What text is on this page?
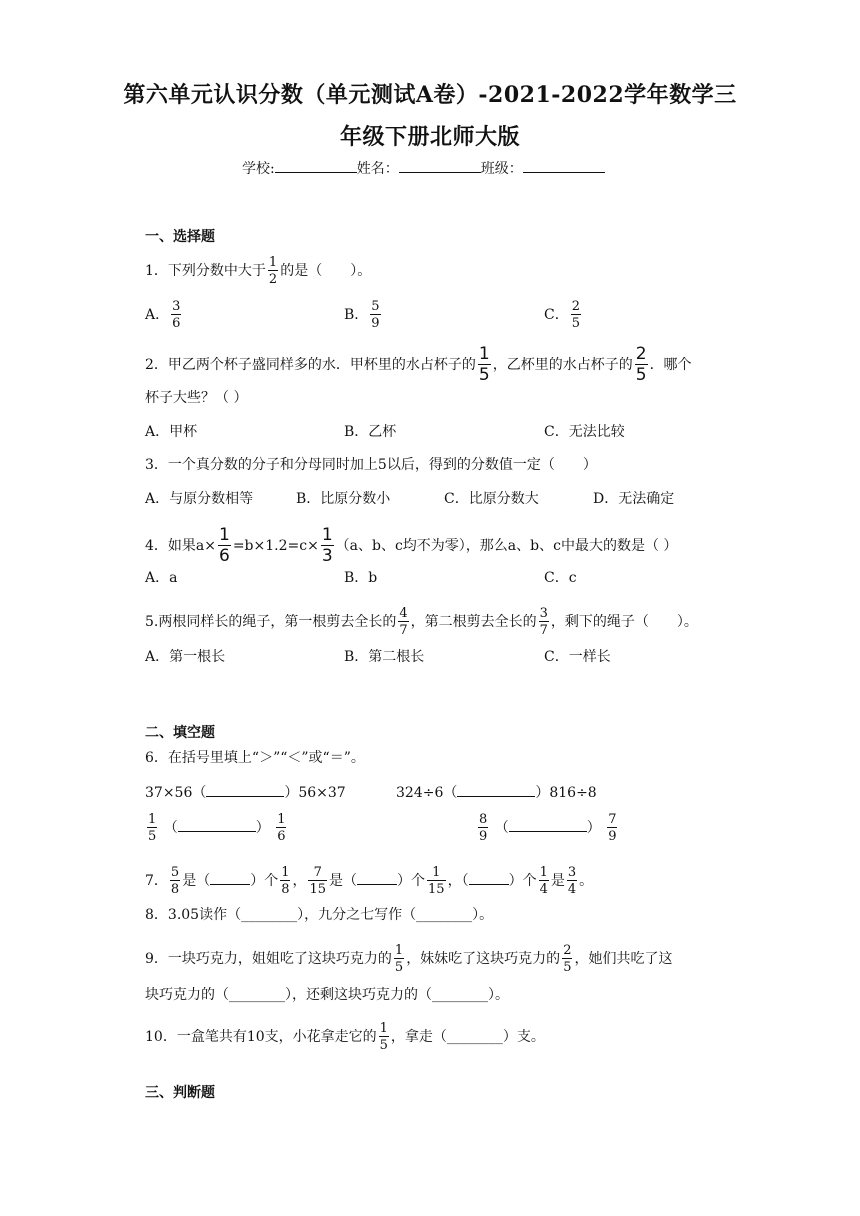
第六单元认识分数（单元测试A卷）-2021-2022学年数学三
年级下册北师大版
学校:	姓名：	班级：
一、选择题
1．下列分数中大于 $\frac{1}{2}$ 的是（　　）。
A． $\frac{3}{6}$	B． $\frac{5}{9}$	C． $\frac{2}{5}$
2．甲乙两个杯子盛同样多的水．甲杯里的水占杯子的 $\frac{1}{5}$ ，乙杯里的水占杯子的 $\frac{2}{5}$ ．哪个
杯子大些？（ ）
A．甲杯	B．乙杯	C．无法比较
3．一个真分数的分子和分母同时加上5以后，得到的分数值一定（　　）
A．与原分数相等	B．比原分数小	C．比原分数大	D．无法确定
4．如果$a\times \frac{1}{6} =b\times 1.2=c\times \frac{1}{3} (a$、b、c均不为零），那么a、b、c中最大的数是（ ）
A．a	B．b	C．c
5.两根同样长的绳子，第一根剪去全长的 $\frac{4}{7}$ ，第二根剪去全长的 $\frac{3}{7}$ ，剩下的绳子（　　）。
A．第一根长	B．第二根长	C．一样长
二、填空题
6．在括号里填上“＞”“＜”或“＝”。
37×56（	）56×37	324÷6（	）816÷8
$\frac{1}{5}$ （	） $\frac{1}{6}$	$\frac{8}{9}$ （	） $\frac{7}{9}$
7． $\frac{5}{8}$ 是（	）个 $\frac{1}{8}$ ， $\frac{7}{15}$ 是（	）个 $\frac{1}{15}$ ，（	）个 $\frac{1}{4}$ 是 $\frac{3}{4}$ 。
8．3.05读作（________），九分之七写作（________）。
9．一块巧克力，姐姐吃了这块巧克力的 $\frac{1}{5}$ ，妹妹吃了这块巧克力的 $\frac{2}{5}$ ，她们共吃了这
块巧克力的（________），还剩这块巧克力的（________）。
10．一盒笔共有10支，小花拿走它的 $\frac{1}{5}$ ，拿走（________）支。
三、判断题
